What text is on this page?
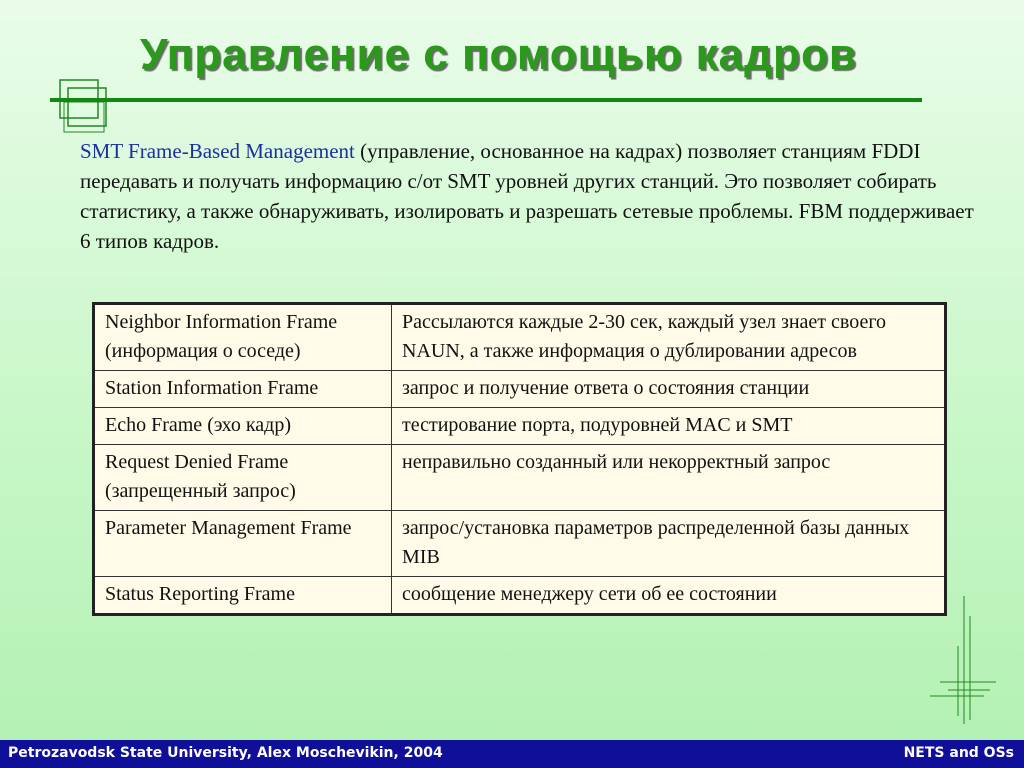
Управление с помощью кадров
SMT Frame-Based Management (управление, основанное на кадрах) позволяет станциям FDDI передавать и получать информацию с/от SMT уровней других станций. Это позволяет собирать статистику, а также обнаруживать, изолировать и разрешать сетевые проблемы. FBM поддерживает 6 типов кадров.
Neighbor Information Frame (информация о соседе)	Рассылаются каждые 2-30 сек, каждый узел знает своего NAUN, а также информация о дублировании адресов
Station Information Frame	запрос и получение ответа о состояния станции
Echo Frame (эхо кадр)	тестирование порта, подуровней MAC и SMT
Request Denied Frame (запрещенный запрос)	неправильно созданный или некорректный запрос
Parameter Management Frame	запрос/установка параметров распределенной базы данных MIB
Status Reporting Frame	сообщение менеджеру сети об ее состоянии
Petrozavodsk State University, Alex Moschevikin, 2004	NETS and OSs
